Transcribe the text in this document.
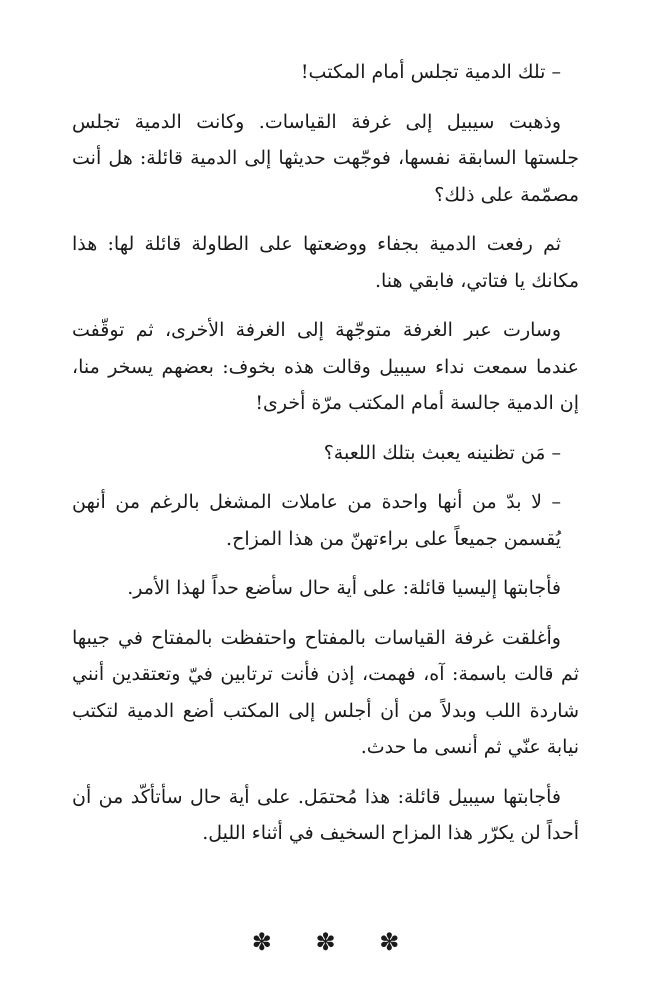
– تلك الدمية تجلس أمام المكتب!

وذهبت سيبيل إلى غرفة القياسات. وكانت الدمية تجلس جلستها السابقة نفسها، فوجّهت حديثها إلى الدمية قائلة: هل أنت مصمّمة على ذلك؟

ثم رفعت الدمية بجفاء ووضعتها على الطاولة قائلة لها: هذا مكانك يا فتاتي، فابقي هنا.

وسارت عبر الغرفة متوجّهة إلى الغرفة الأخرى، ثم توقّفت عندما سمعت نداء سيبيل وقالت هذه بخوف: بعضهم يسخر منا، إن الدمية جالسة أمام المكتب مرّة أخرى!

– مَن تظنينه يعبث بتلك اللعبة؟

– لا بدّ من أنها واحدة من عاملات المشغل بالرغم من أنهن يُقسمن جميعاً على براءتهنّ من هذا المزاح.

فأجابتها إليسيا قائلة: على أية حال سأضع حداً لهذا الأمر.

وأغلقت غرفة القياسات بالمفتاح واحتفظت بالمفتاح في جيبها ثم قالت باسمة: آه، فهمت، إذن فأنت ترتابين فيّ وتعتقدين أنني شاردة اللب وبدلاً من أن أجلس إلى المكتب أضع الدمية لتكتب نيابة عنّي ثم أنسى ما حدث.

فأجابتها سيبيل قائلة: هذا مُحتمَل. على أية حال سأتأكّد من أن أحداً لن يكرّر هذا المزاح السخيف في أثناء الليل.

✽ ✽ ✽
